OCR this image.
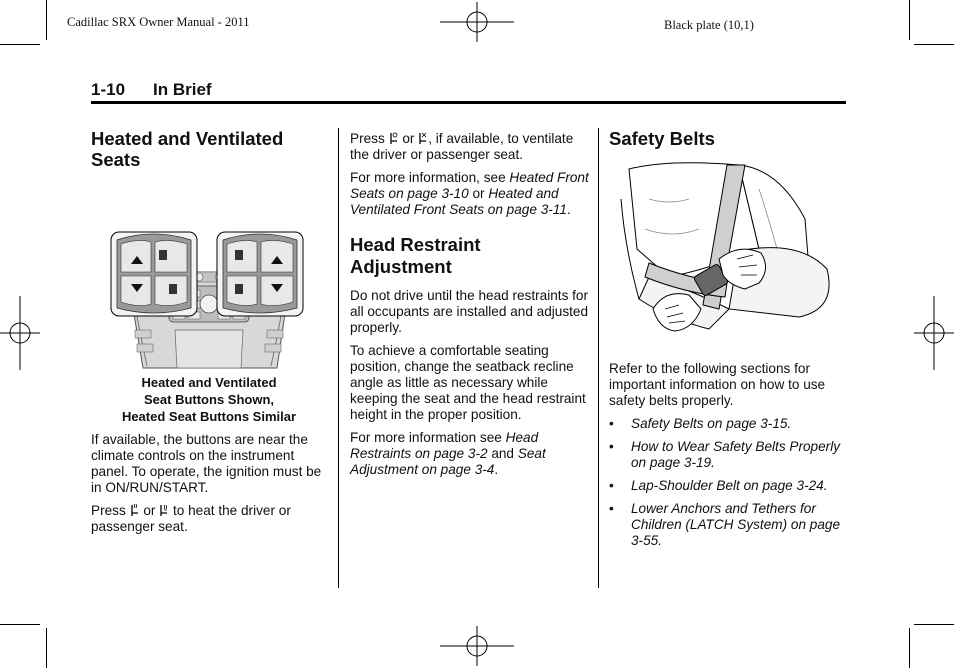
Cadillac SRX Owner Manual - 2011	Black plate (10,1)
1-10 In Brief
Heated and Ventilated Seats
Heated and Ventilated
Seat Buttons Shown,
Heated Seat Buttons Similar

If available, the buttons are near the climate controls on the instrument panel. To operate, the ignition must be in ON/RUN/START.

Press or to heat the driver or passenger seat.

Press or , if available, to ventilate the driver or passenger seat.

For more information, see Heated Front Seats on page 3-10 or Heated and Ventilated Front Seats on page 3-11.

Head Restraint Adjustment

Do not drive until the head restraints for all occupants are installed and adjusted properly.

To achieve a comfortable seating position, change the seatback recline angle as little as necessary while keeping the seat and the head restraint height in the proper position.

For more information see Head Restraints on page 3-2 and Seat Adjustment on page 3-4.

Safety Belts

Refer to the following sections for important information on how to use safety belts properly.

• Safety Belts on page 3-15.
• How to Wear Safety Belts Properly on page 3-19.
• Lap-Shoulder Belt on page 3-24.
• Lower Anchors and Tethers for Children (LATCH System) on page 3-55.
